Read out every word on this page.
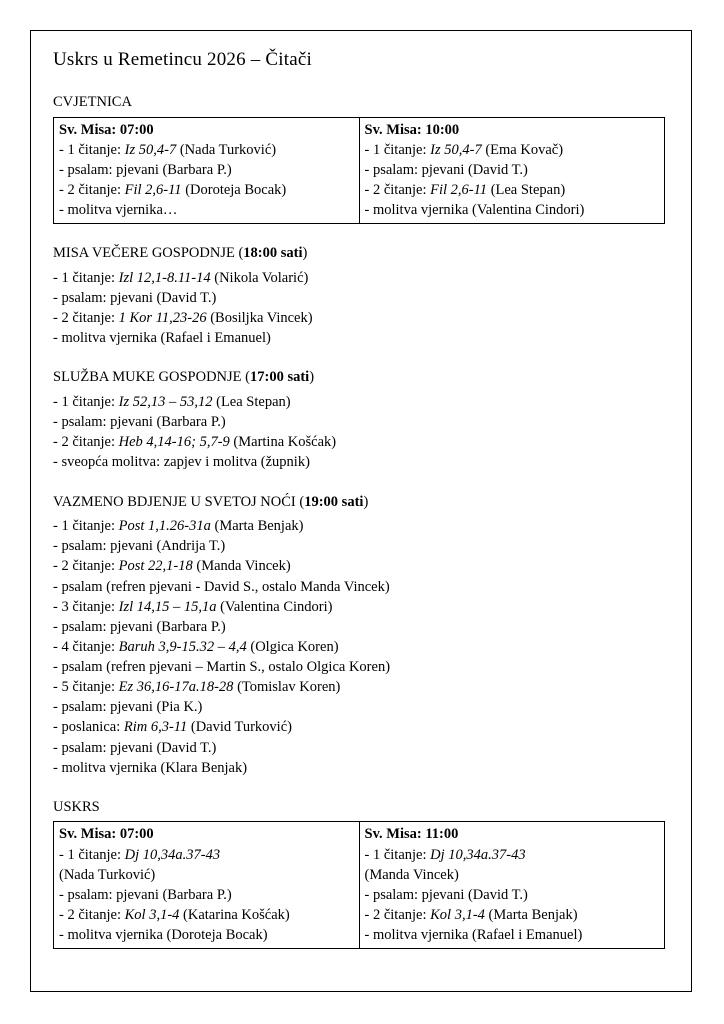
Uskrs u Remetincu 2026 – Čitači
CVJETNICA
Sv. Misa: 07:00
- 1 čitanje: Iz 50,4-7 (Nada Turković)
- psalam: pjevani (Barbara P.)
- 2 čitanje: Fil 2,6-11 (Doroteja Bocak)
- molitva vjernika…

Sv. Misa: 10:00
- 1 čitanje: Iz 50,4-7 (Ema Kovač)
- psalam: pjevani (David T.)
- 2 čitanje: Fil 2,6-11 (Lea Stepan)
- molitva vjernika (Valentina Cindori)
MISA VEČERE GOSPODNJE (18:00 sati)
- 1 čitanje: Izl 12,1-8.11-14 (Nikola Volarić)
- psalam: pjevani (David T.)
- 2 čitanje: 1 Kor 11,23-26 (Bosiljka Vincek)
- molitva vjernika (Rafael i Emanuel)
SLUŽBA MUKE GOSPODNJE (17:00 sati)
- 1 čitanje: Iz 52,13 – 53,12 (Lea Stepan)
- psalam: pjevani (Barbara P.)
- 2 čitanje: Heb 4,14-16; 5,7-9 (Martina Košćak)
- sveopća molitva: zapjev i molitva (župnik)
VAZMENO BDJENJE U SVETOJ NOĆI (19:00 sati)
- 1 čitanje: Post 1,1.26-31a (Marta Benjak)
- psalam: pjevani (Andrija T.)
- 2 čitanje: Post 22,1-18 (Manda Vincek)
- psalam (refren pjevani - David S., ostalo Manda Vincek)
- 3 čitanje: Izl 14,15 – 15,1a (Valentina Cindori)
- psalam: pjevani (Barbara P.)
- 4 čitanje: Baruh 3,9-15.32 – 4,4 (Olgica Koren)
- psalam (refren pjevani – Martin S., ostalo Olgica Koren)
- 5 čitanje: Ez 36,16-17a.18-28 (Tomislav Koren)
- psalam: pjevani (Pia K.)
- poslanica: Rim 6,3-11 (David Turković)
- psalam: pjevani (David T.)
- molitva vjernika (Klara Benjak)
USKRS
Sv. Misa: 07:00
- 1 čitanje: Dj 10,34a.37-43
(Nada Turković)
- psalam: pjevani (Barbara P.)
- 2 čitanje: Kol 3,1-4 (Katarina Košćak)
- molitva vjernika (Doroteja Bocak)

Sv. Misa: 11:00
- 1 čitanje: Dj 10,34a.37-43
(Manda Vincek)
- psalam: pjevani (David T.)
- 2 čitanje: Kol 3,1-4 (Marta Benjak)
- molitva vjernika (Rafael i Emanuel)
